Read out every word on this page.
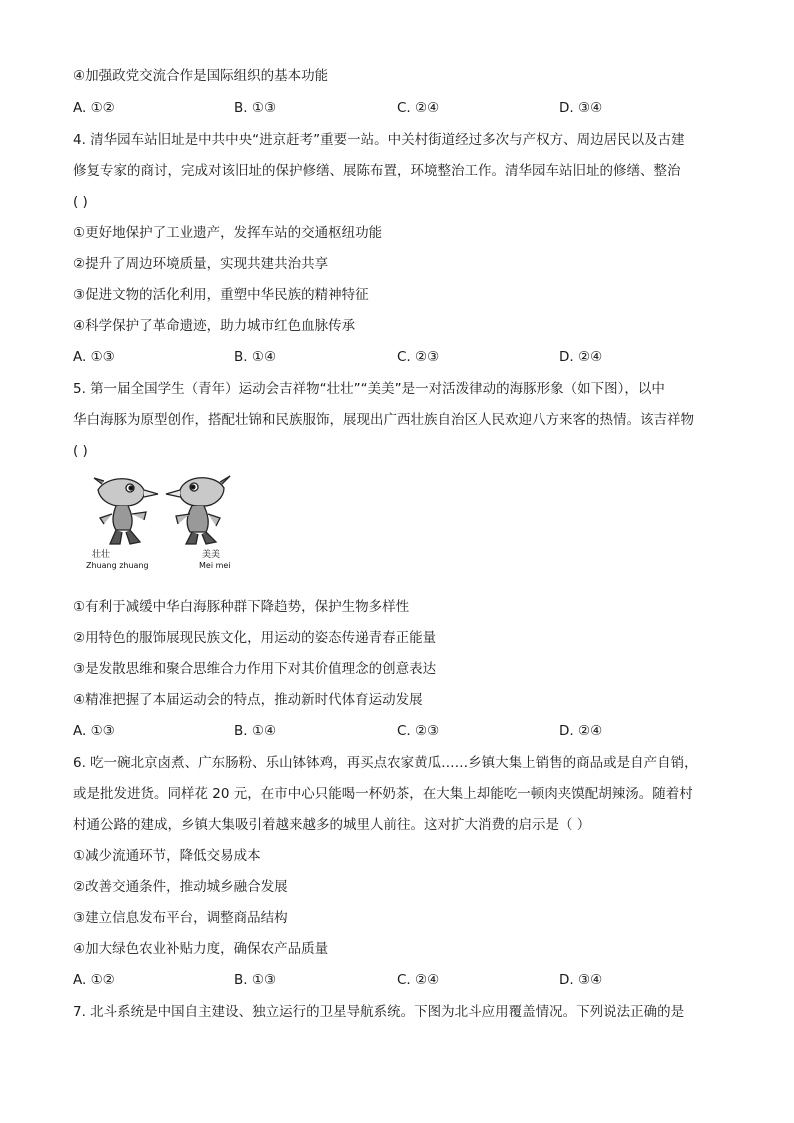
④加强政党交流合作是国际组织的基本功能
A. ①②	B. ①③	C. ②④	D. ③④
4. 清华园车站旧址是中共中央“进京赶考”重要一站。中关村街道经过多次与产权方、周边居民以及古建
修复专家的商讨，完成对该旧址的保护修缮、展陈布置，环境整治工作。清华园车站旧址的修缮、整治
( )
①更好地保护了工业遗产，发挥车站的交通枢纽功能
②提升了周边环境质量，实现共建共治共享
③促进文物的活化利用，重塑中华民族的精神特征
④科学保护了革命遗迹，助力城市红色血脉传承
A. ①③	B. ①④	C. ②③	D. ②④
5. 第一届全国学生（青年）运动会吉祥物“壮壮”“美美”是一对活泼律动的海豚形象（如下图），以中
华白海豚为原型创作，搭配壮锦和民族服饰，展现出广西壮族自治区人民欢迎八方来客的热情。该吉祥物
( )
壮壮
Zhuang zhuang
美美
Mei mei
①有利于减缓中华白海豚种群下降趋势，保护生物多样性
②用特色的服饰展现民族文化，用运动的姿态传递青春正能量
③是发散思维和聚合思维合力作用下对其价值理念的创意表达
④精准把握了本届运动会的特点，推动新时代体育运动发展
A. ①③	B. ①④	C. ②③	D. ②④
6. 吃一碗北京卤煮、广东肠粉、乐山钵钵鸡，再买点农家黄瓜……乡镇大集上销售的商品或是自产自销，
或是批发进货。同样花 20 元，在市中心只能喝一杯奶茶，在大集上却能吃一顿肉夹馍配胡辣汤。随着村
村通公路的建成，乡镇大集吸引着越来越多的城里人前往。这对扩大消费的启示是（ ）
①减少流通环节，降低交易成本
②改善交通条件，推动城乡融合发展
③建立信息发布平台，调整商品结构
④加大绿色农业补贴力度，确保农产品质量
A. ①②	B. ①③	C. ②④	D. ③④
7. 北斗系统是中国自主建设、独立运行的卫星导航系统。下图为北斗应用覆盖情况。下列说法正确的是
